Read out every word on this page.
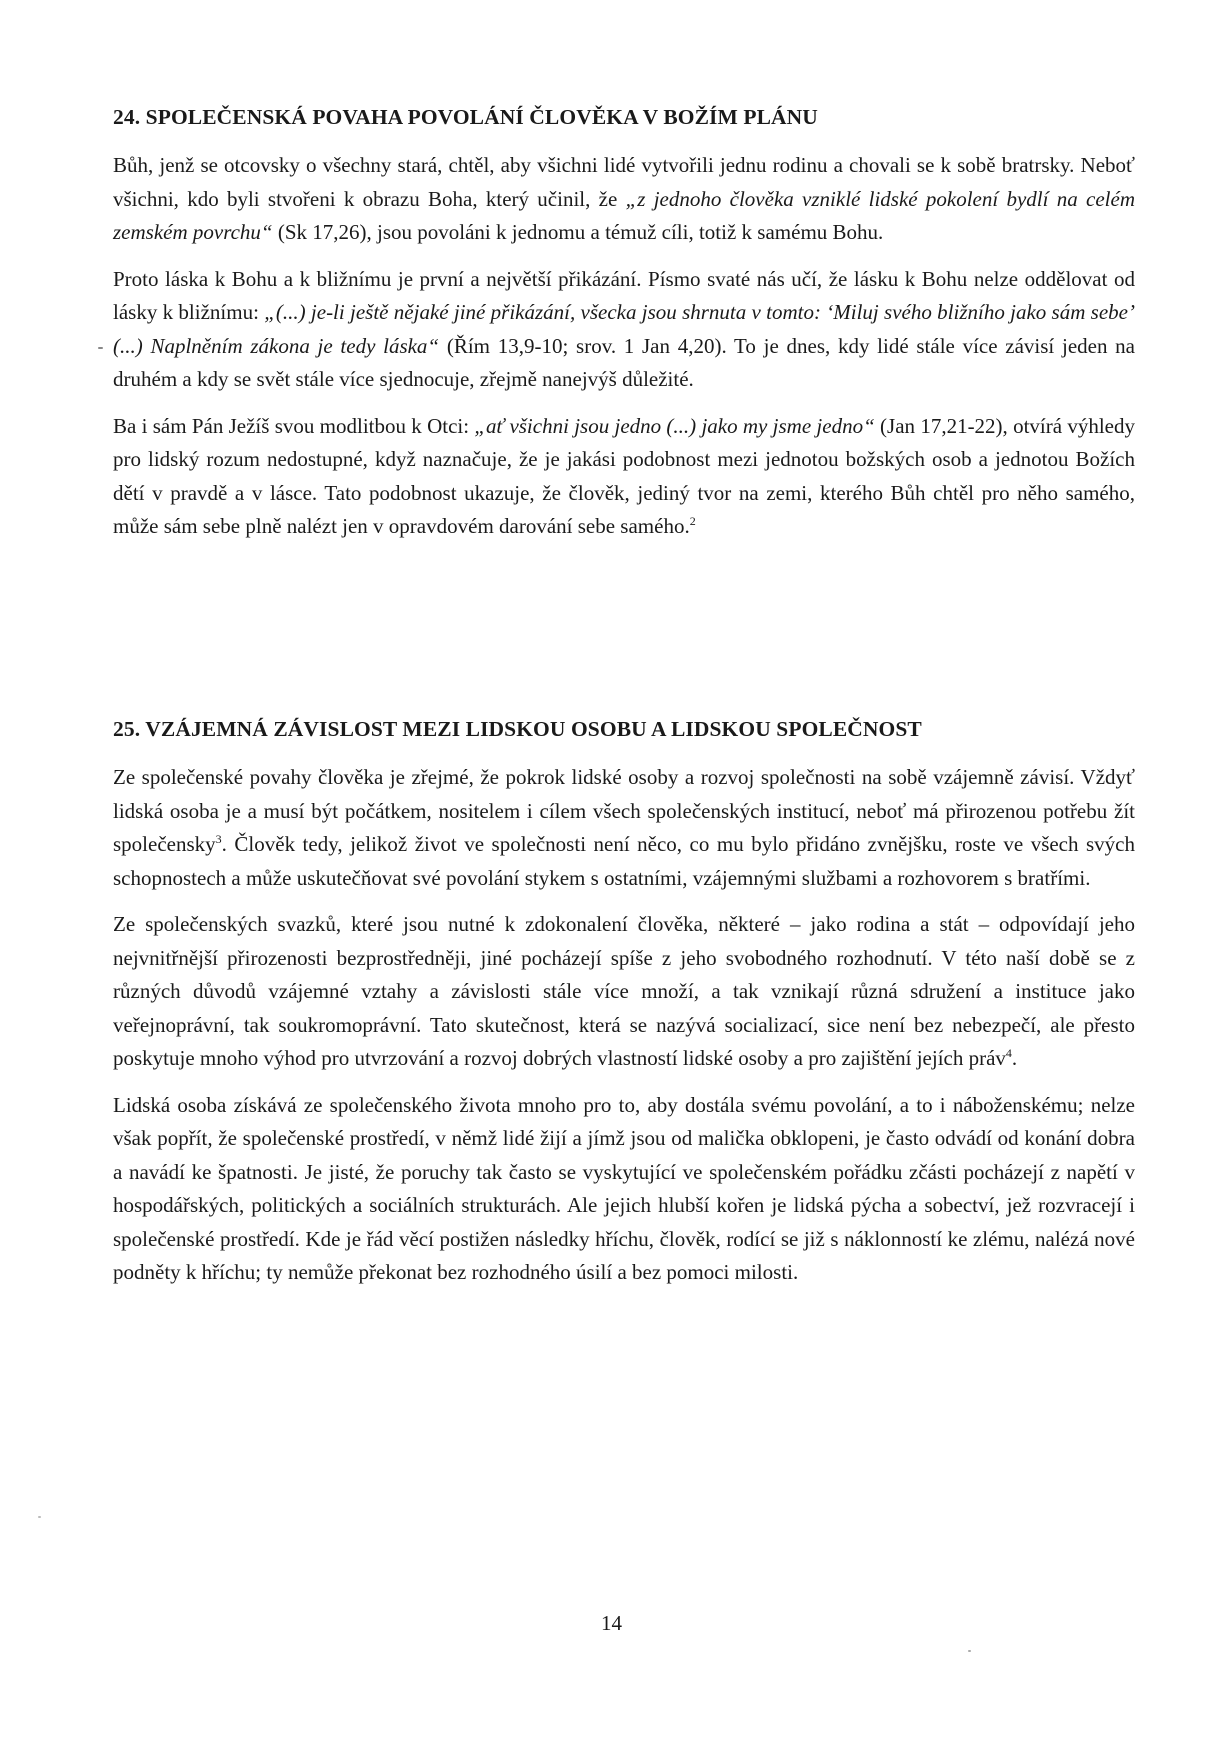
24. SPOLEČENSKÁ POVAHA POVOLÁNÍ ČLOVĚKA V BOŽÍM PLÁNU

Bůh, jenž se otcovsky o všechny stará, chtěl, aby všichni lidé vytvořili jednu rodinu a chovali se k sobě bratrsky. Neboť všichni, kdo byli stvořeni k obrazu Boha, který učinil, že „z jednoho člověka vzniklé lidské pokolení bydlí na celém zemském povrchu“ (Sk 17,26), jsou povoláni k jednomu a témuž cíli, totiž k samému Bohu.

Proto láska k Bohu a k bližnímu je první a největší přikázání. Písmo svaté nás učí, že lásku k Bohu nelze oddělovat od lásky k bližnímu: „(...) je-li ještě nějaké jiné přikázání, všecka jsou shrnuta v tomto: ‘Miluj svého bližního jako sám sebe’ (...) Naplněním zákona je tedy láska“ (Řím 13,9-10; srov. 1 Jan 4,20). To je dnes, kdy lidé stále více závisí jeden na druhém a kdy se svět stále více sjednocuje, zřejmě nanejvýš důležité.

Ba i sám Pán Ježíš svou modlitbou k Otci: „ať všichni jsou jedno (...) jako my jsme jedno“ (Jan 17,21-22), otvírá výhledy pro lidský rozum nedostupné, když naznačuje, že je jakási podobnost mezi jednotou božských osob a jednotou Božích dětí v pravdě a v lásce. Tato podobnost ukazuje, že člověk, jediný tvor na zemi, kterého Bůh chtěl pro něho samého, může sám sebe plně nalézt jen v opravdovém darování sebe samého.$^2$

25. VZÁJEMNÁ ZÁVISLOST MEZI LIDSKOU OSOBU A LIDSKOU SPOLEČNOST

Ze společenské povahy člověka je zřejmé, že pokrok lidské osoby a rozvoj společnosti na sobě vzájemně závisí. Vždyť lidská osoba je a musí být počátkem, nositelem i cílem všech společenských institucí, neboť má přirozenou potřebu žít společensky$^3$. Člověk tedy, jelikož život ve společnosti není něco, co mu bylo přidáno zvnějšku, roste ve všech svých schopnostech a může uskutečňovat své povolání stykem s ostatními, vzájemnými službami a rozhovorem s bratřími.

Ze společenských svazků, které jsou nutné k zdokonalení člověka, některé – jako rodina a stát – odpovídají jeho nejvnitřnější přirozenosti bezprostředněji, jiné pocházejí spíše z jeho svobodného rozhodnutí. V této naší době se z různých důvodů vzájemné vztahy a závislosti stále více množí, a tak vznikají různá sdružení a instituce jako veřejnoprávní, tak soukromoprávní. Tato skutečnost, která se nazývá socializací, sice není bez nebezpečí, ale přesto poskytuje mnoho výhod pro utvrzování a rozvoj dobrých vlastností lidské osoby a pro zajištění jejích práv$^4$.

Lidská osoba získává ze společenského života mnoho pro to, aby dostála svému povolání, a to i náboženskému; nelze však popřít, že společenské prostředí, v němž lidé žijí a jímž jsou od malička obklopeni, je často odvádí od konání dobra a navádí ke špatnosti. Je jisté, že poruchy tak často se vyskytující ve společenském pořádku zčásti pocházejí z napětí v hospodářských, politických a sociálních strukturách. Ale jejich hlubší kořen je lidská pýcha a sobectví, jež rozvracejí i společenské prostředí. Kde je řád věcí postižen následky hříchu, člověk, rodící se již s náklonností ke zlému, nalézá nové podněty k hříchu; ty nemůže překonat bez rozhodného úsilí a bez pomoci milosti.

14
